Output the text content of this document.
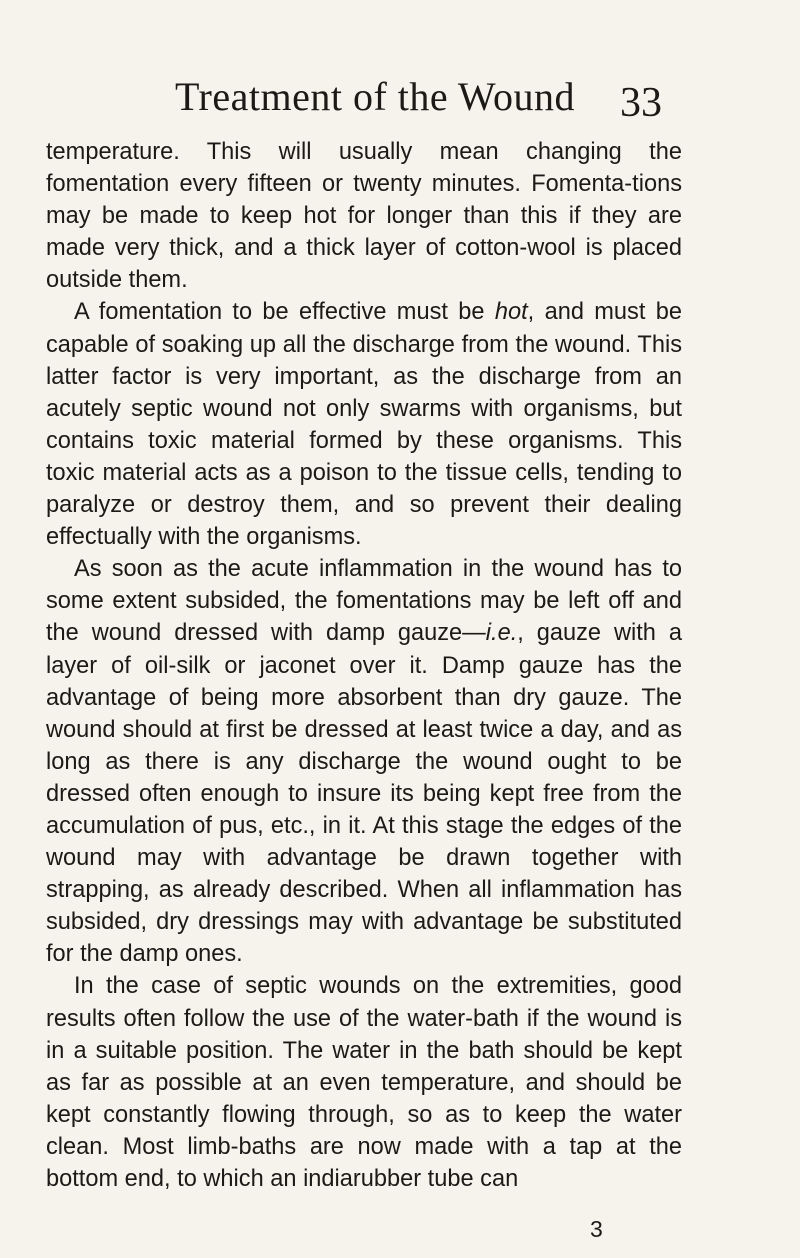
Treatment of the Wound 33

temperature. This will usually mean changing the fomentation every fifteen or twenty minutes. Fomenta-tions may be made to keep hot for longer than this if they are made very thick, and a thick layer of cotton-wool is placed outside them.

A fomentation to be effective must be hot, and must be capable of soaking up all the discharge from the wound. This latter factor is very important, as the discharge from an acutely septic wound not only swarms with organisms, but contains toxic material formed by these organisms. This toxic material acts as a poison to the tissue cells, tending to paralyze or destroy them, and so prevent their dealing effectually with the organisms.

As soon as the acute inflammation in the wound has to some extent subsided, the fomentations may be left off and the wound dressed with damp gauze—i.e., gauze with a layer of oil-silk or jaconet over it. Damp gauze has the advantage of being more absorbent than dry gauze. The wound should at first be dressed at least twice a day, and as long as there is any discharge the wound ought to be dressed often enough to insure its being kept free from the accumulation of pus, etc., in it. At this stage the edges of the wound may with advantage be drawn together with strapping, as already described. When all inflammation has subsided, dry dressings may with advantage be substituted for the damp ones.

In the case of septic wounds on the extremities, good results often follow the use of the water-bath if the wound is in a suitable position. The water in the bath should be kept as far as possible at an even temperature, and should be kept constantly flowing through, so as to keep the water clean. Most limb-baths are now made with a tap at the bottom end, to which an indiarubber tube can

3
